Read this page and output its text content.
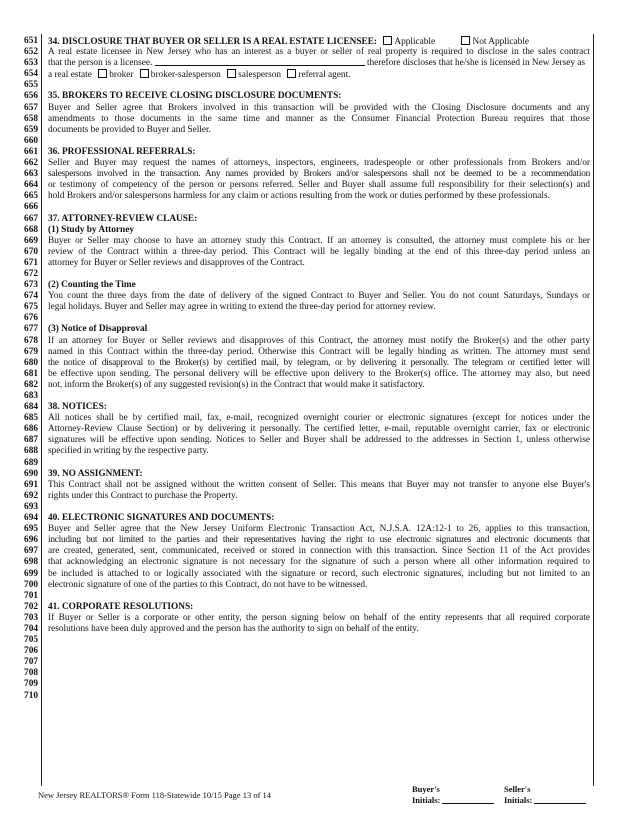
651
652
653
654
655
656
657
658
659
660
661
662
663
664
665
666
667
668
669
670
671
672
673
674
675
676
677
678
679
680
681
682
683
684
685
686
687
688
689
690
691
692
693
694
695
696
697
698
699
700
701
702
703
704
705
706
707
708
709
710
34. DISCLOSURE THAT BUYER OR SELLER IS A REAL ESTATE LICENSEE: Applicable	Not Applicable
A real estate licensee in New Jersey who has an interest as a buyer or seller of real property is required to disclose in the sales contract
that the person is a licensee.	therefore discloses that he/she is licensed in New Jersey as
a real estate broker broker-salesperson salesperson referral agent.
35. BROKERS TO RECEIVE CLOSING DISCLOSURE DOCUMENTS:
Buyer and Seller agree that Brokers involved in this transaction will be provided with the Closing Disclosure documents and any
amendments to those documents in the same time and manner as the Consumer Financial Protection Bureau requires that those
documents be provided to Buyer and Seller.
36. PROFESSIONAL REFERRALS:
Seller and Buyer may request the names of attorneys, inspectors, engineers, tradespeople or other professionals from Brokers and/or
salespersons involved in the transaction. Any names provided by Brokers and/or salespersons shall not be deemed to be a recommendation
or testimony of competency of the person or persons referred. Seller and Buyer shall assume full responsibility for their selection(s) and
hold Brokers and/or salespersons harmless for any claim or actions resulting from the work or duties performed by these professionals.
37. ATTORNEY-REVIEW CLAUSE:
(1) Study by Attorney
Buyer or Seller may choose to have an attorney study this Contract. If an attorney is consulted, the attorney must complete his or her
review of the Contract within a three-day period. This Contract will be legally binding at the end of this three-day period unless an
attorney for Buyer or Seller reviews and disapproves of the Contract.
(2) Counting the Time
You count the three days from the date of delivery of the signed Contract to Buyer and Seller. You do not count Saturdays, Sundays or
legal holidays. Buyer and Seller may agree in writing to extend the three-day period for attorney review.
(3) Notice of Disapproval
If an attorney for Buyer or Seller reviews and disapproves of this Contract, the attorney must notify the Broker(s) and the other party
named in this Contract within the three-day period. Otherwise this Contract will be legally binding as written. The attorney must send
the notice of disapproval to the Broker(s) by certified mail, by telegram, or by delivering it personally. The telegram or certified letter will
be effective upon sending. The personal delivery will be effective upon delivery to the Broker(s) office. The attorney may also, but need
not, inform the Broker(s) of any suggested revision(s) in the Contract that would make it satisfactory.
38. NOTICES:
All notices shall be by certified mail, fax, e-mail, recognized overnight courier or electronic signatures (except for notices under the
Attorney-Review Clause Section) or by delivering it personally. The certified letter, e-mail, reputable overnight carrier, fax or electronic
signatures will be effective upon sending. Notices to Seller and Buyer shall be addressed to the addresses in Section 1, unless otherwise
specified in writing by the respective party.
39. NO ASSIGNMENT:
This Contract shall not be assigned without the written consent of Seller. This means that Buyer may not transfer to anyone else Buyer's
rights under this Contract to purchase the Property.
40. ELECTRONIC SIGNATURES AND DOCUMENTS:
Buyer and Seller agree that the New Jersey Uniform Electronic Transaction Act, N.J.S.A. 12A:12-1 to 26, applies to this transaction,
including but not limited to the parties and their representatives having the right to use electronic signatures and electronic documents that
are created, generated, sent, communicated, received or stored in connection with this transaction. Since Section 11 of the Act provides
that acknowledging an electronic signature is not necessary for the signature of such a person where all other information required to
be included is attached to or logically associated with the signature or record, such electronic signatures, including but not limited to an
electronic signature of one of the parties to this Contract, do not have to be witnessed.
41. CORPORATE RESOLUTIONS:
If Buyer or Seller is a corporate or other entity, the person signing below on behalf of the entity represents that all required corporate
resolutions have been duly approved and the person has the authority to sign on behalf of the entity.
New Jersey REALTORS® Form 118-Statewide 10/15 Page 13 of 14
Buyer's
Initials:
Seller's
Initials:
